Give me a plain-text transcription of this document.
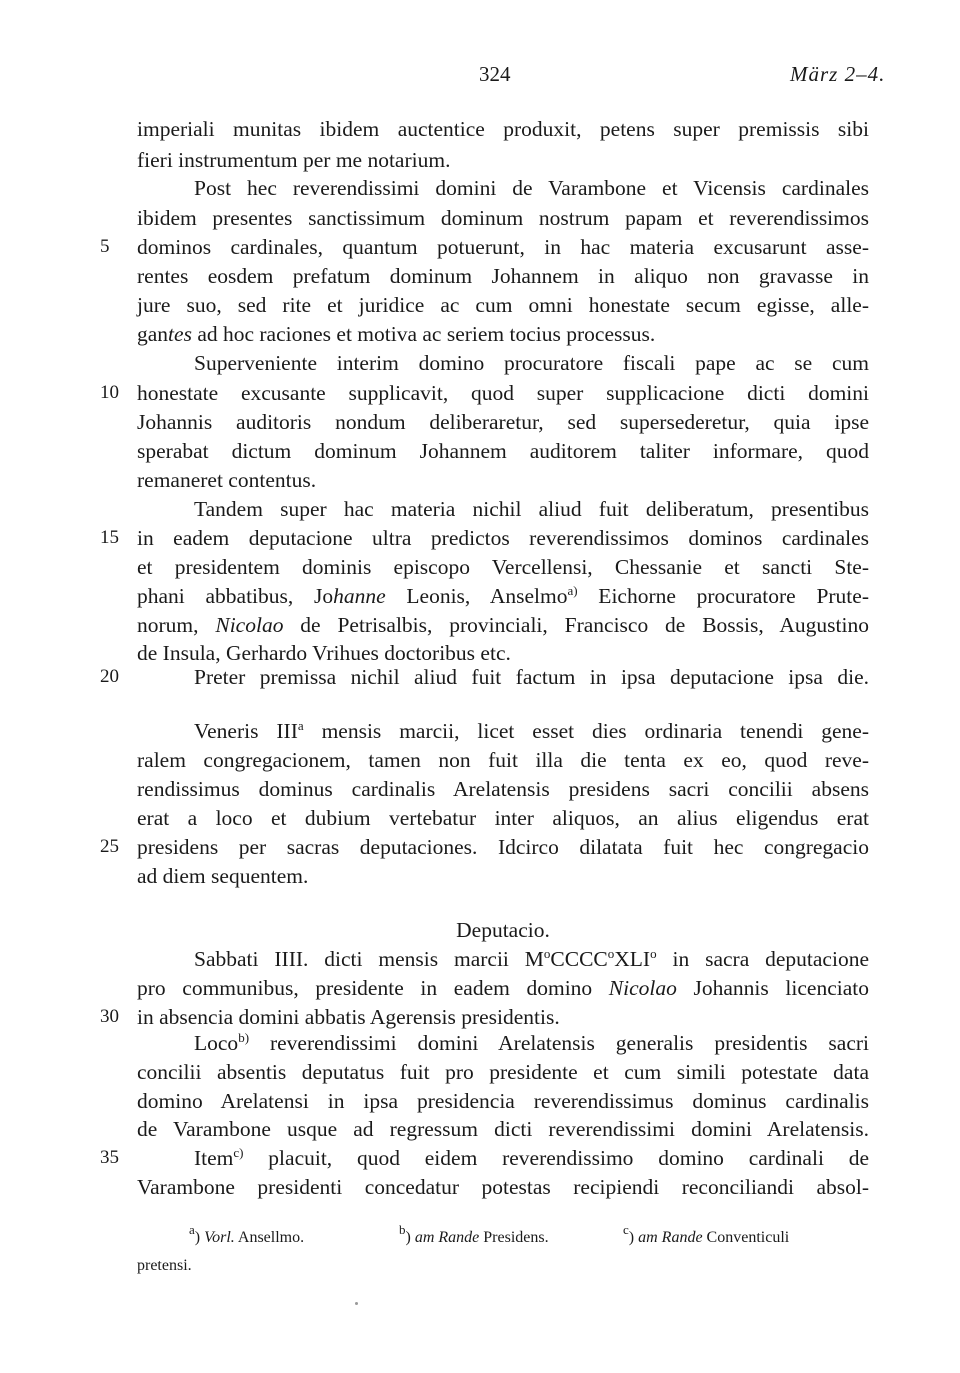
324	März 2–4.
imperiali munitas ibidem auctentice produxit, petens super premissis sibi
fieri instrumentum per me notarium.
Post hec reverendissimi domini de Varambone et Vicensis cardinales
ibidem presentes sanctissimum dominum nostrum papam et reverendissimos
dominos cardinales, quantum potuerunt, in hac materia excusarunt asse-
rentes eosdem prefatum dominum Johannem in aliquo non gravasse in
jure suo, sed rite et juridice ac cum omni honestate secum egisse, alle-
gantes ad hoc raciones et motiva ac seriem tocius processus.
Superveniente interim domino procuratore fiscali pape ac se cum
honestate excusante supplicavit, quod super supplicacione dicti domini
Johannis auditoris nondum deliberaretur, sed supersederetur, quia ipse
sperabat dictum dominum Johannem auditorem taliter informare, quod
remaneret contentus.
Tandem super hac materia nichil aliud fuit deliberatum, presentibus
in eadem deputacione ultra predictos reverendissimos dominos cardinales
et presidentem dominis episcopo Vercellensi, Chessanie et sancti Ste-
phani abbatibus, Johanne Leonis, Anselmo$^{a)}$ Eichorne procuratore Prute-
norum, Nicolao de Petrisalbis, provinciali, Francisco de Bossis, Augustino
de Insula, Gerhardo Vrihues doctoribus etc.
Preter premissa nichil aliud fuit factum in ipsa deputacione ipsa die.
Veneris III$^a$ mensis marcii, licet esset dies ordinaria tenendi gene-
ralem congregacionem, tamen non fuit illa die tenta ex eo, quod reve-
rendissimus dominus cardinalis Arelatensis presidens sacri concilii absens
erat a loco et dubium vertebatur inter aliquos, an alius eligendus erat
presidens per sacras deputaciones. Idcirco dilatata fuit hec congregacio
ad diem sequentem.
Deputacio.
Sabbati IIII. dicti mensis marcii $M^oCCCC^oXLI^o$ in sacra deputacione
pro communibus, presidente in eadem domino Nicolao Johannis licenciato
in absencia domini abbatis Agerensis presidentis.
Loco$^{b)}$ reverendissimi domini Arelatensis generalis presidentis sacri
concilii absentis deputatus fuit pro presidente et cum simili potestate data
domino Arelatensi in ipsa presidencia reverendissimus dominus cardinalis
de Varambone usque ad regressum dicti reverendissimi domini Arelatensis.
Item$^{c)}$ placuit, quod eidem reverendissimo domino cardinali de
Varambone presidenti concedatur potestas recipiendi reconciliandi absol-
5
10
15
20
25
30
35
$^a$) Vorl. Ansellmo.	$^b$) am Rande Presidens.	$^c$) am Rande Conventiculi
pretensi.
